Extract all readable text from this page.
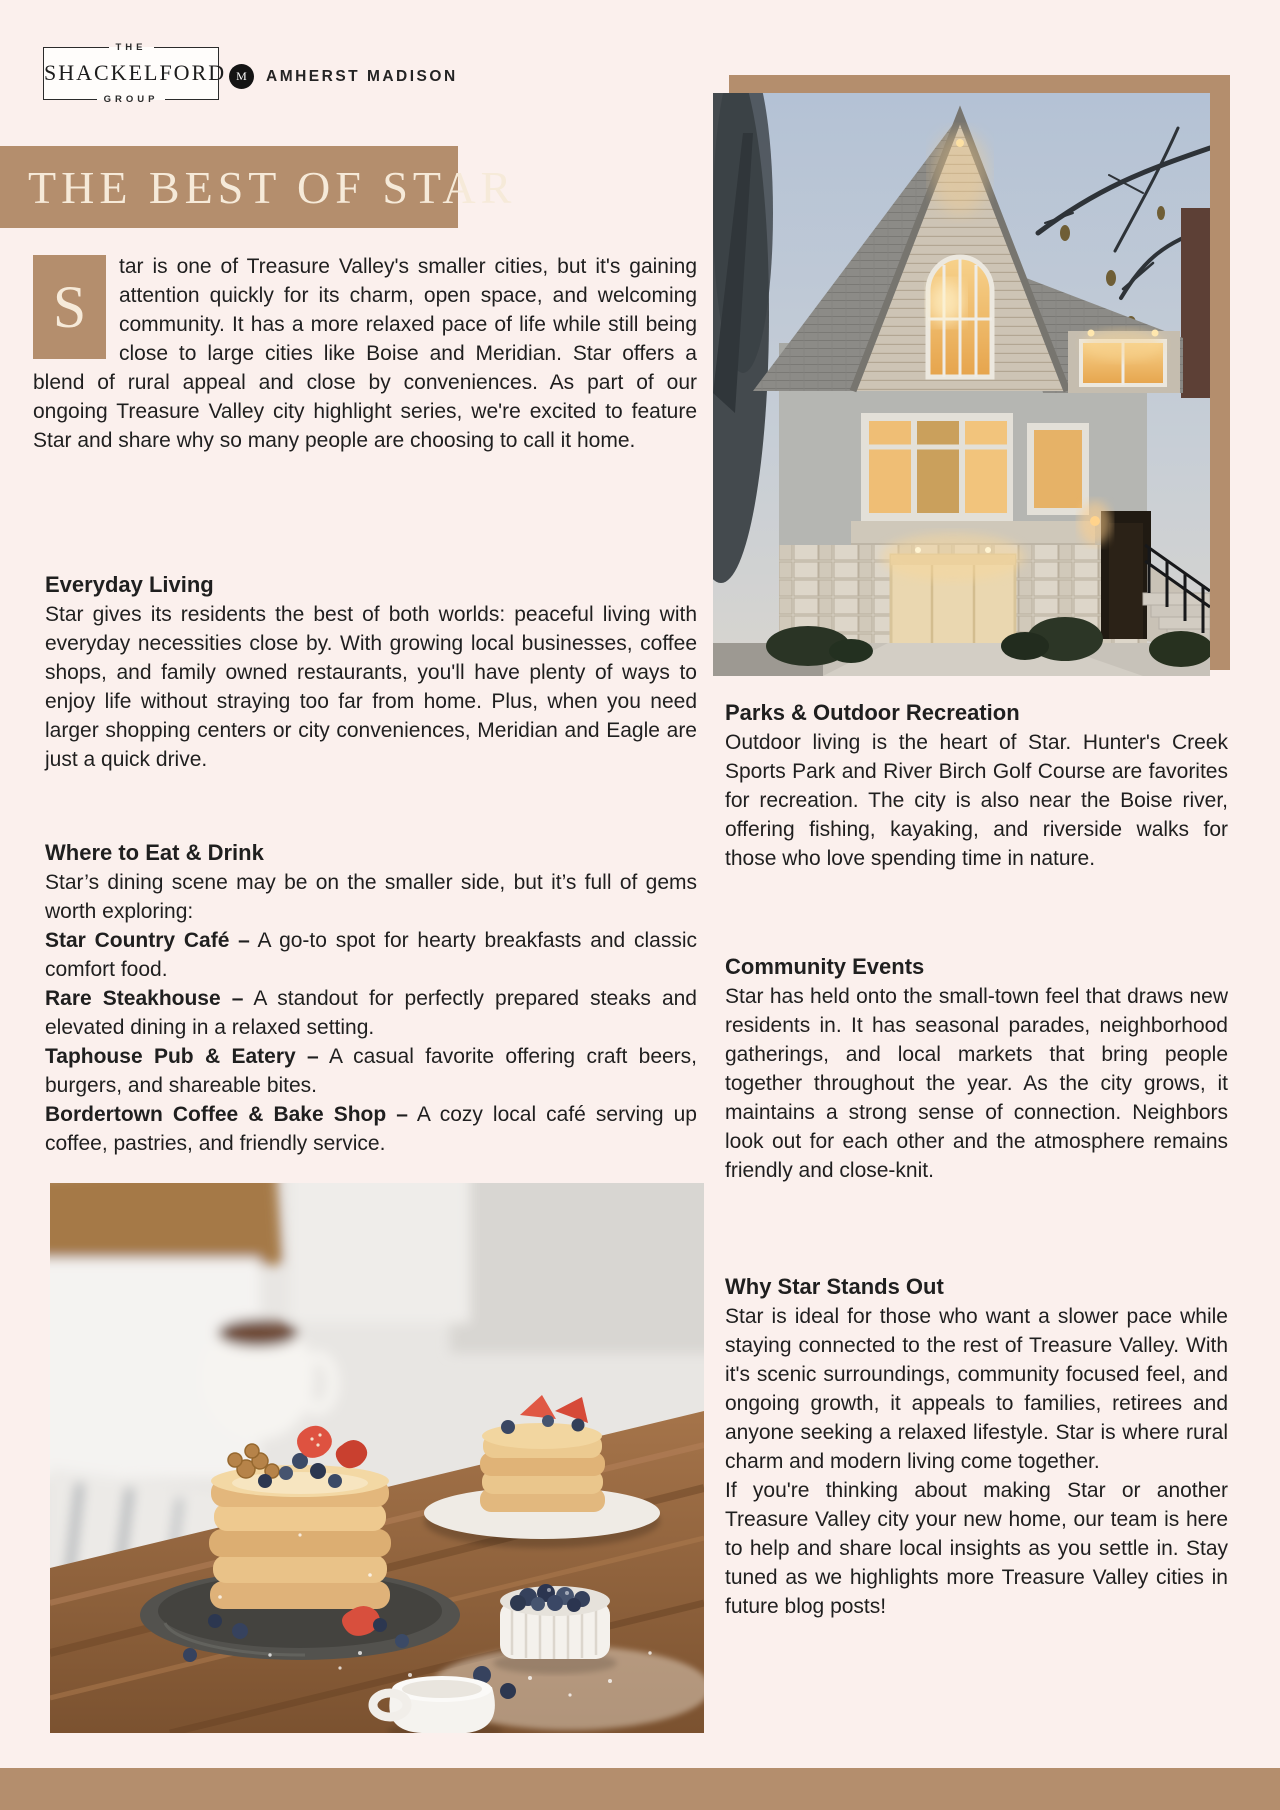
THE
SHACKELFORD
GROUP
M	AMHERST MADISON
THE BEST OF STAR
S
tar is one of Treasure Valley's smaller cities, but it's gaining attention quickly for its charm, open space, and welcoming community. It has a more relaxed pace of life while still being close to large cities like Boise and Meridian. Star offers a blend of rural appeal and close by conveniences. As part of our ongoing Treasure Valley city highlight series, we're excited to feature Star and share why so many people are choosing to call it home.
Everyday Living

Star gives its residents the best of both worlds: peaceful living with everyday necessities close by. With growing local businesses, coffee shops, and family owned restaurants, you'll have plenty of ways to enjoy life without straying too far from home. Plus, when you need larger shopping centers or city conveniences, Meridian and Eagle are just a quick drive.

Where to Eat & Drink

Star’s dining scene may be on the smaller side, but it’s full of gems worth exploring:

Star Country Café – A go-to spot for hearty breakfasts and classic comfort food.

Rare Steakhouse – A standout for perfectly prepared steaks and elevated dining in a relaxed setting.

Taphouse Pub & Eatery – A casual favorite offering craft beers, burgers, and shareable bites.

Bordertown Coffee & Bake Shop – A cozy local café serving up coffee, pastries, and friendly service.

Parks & Outdoor Recreation

Outdoor living is the heart of Star. Hunter's Creek Sports Park and River Birch Golf Course are favorites for recreation. The city is also near the Boise river, offering fishing, kayaking, and riverside walks for those who love spending time in nature.

Community Events

Star has held onto the small-town feel that draws new residents in. It has seasonal parades, neighborhood gatherings, and local markets that bring people together throughout the year. As the city grows, it maintains a strong sense of connection. Neighbors look out for each other and the atmosphere remains friendly and close-knit.

Why Star Stands Out

Star is ideal for those who want a slower pace while staying connected to the rest of Treasure Valley. With it's scenic surroundings, community focused feel, and ongoing growth, it appeals to families, retirees and anyone seeking a relaxed lifestyle. Star is where rural charm and modern living come together.

If you're thinking about making Star or another Treasure Valley city your new home, our team is here to help and share local insights as you settle in. Stay tuned as we highlights more Treasure Valley cities in future blog posts!
